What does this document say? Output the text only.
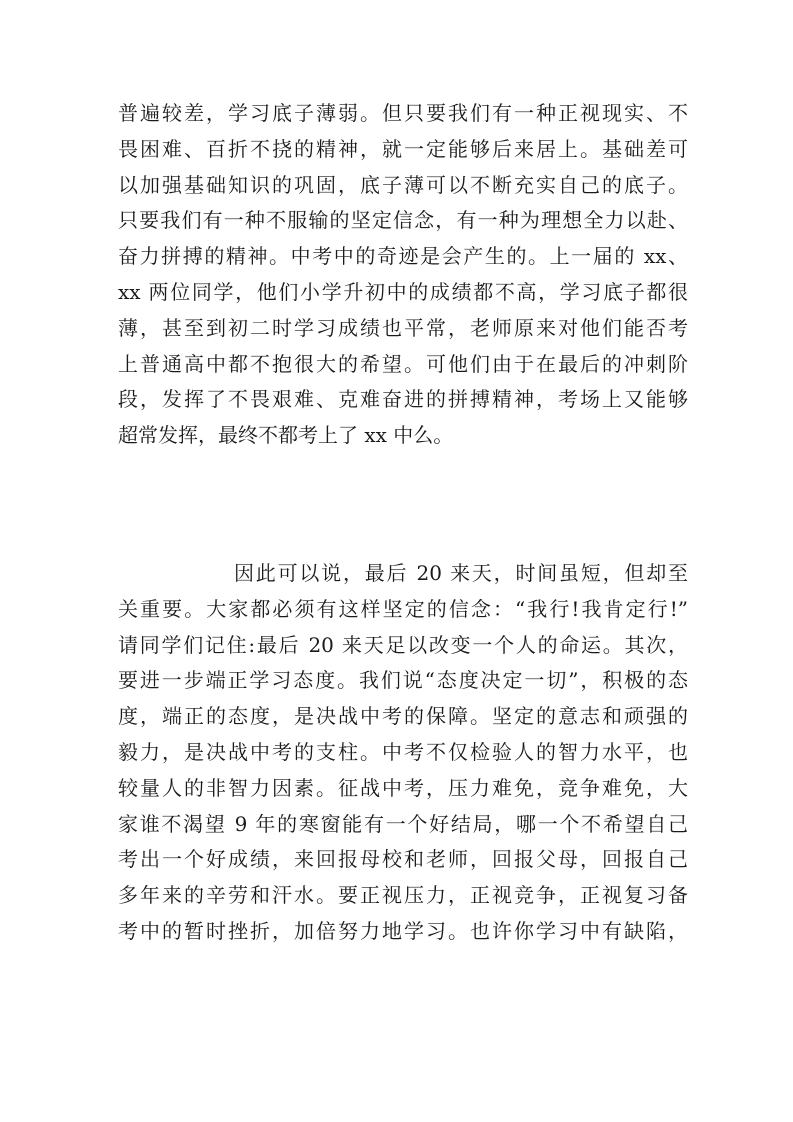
普遍较差，学习底子薄弱。但只要我们有一种正视现实、不
畏困难、百折不挠的精神，就一定能够后来居上。基础差可
以加强基础知识的巩固，底子薄可以不断充实自己的底子。
只要我们有一种不服输的坚定信念，有一种为理想全力以赴、
奋力拼搏的精神。中考中的奇迹是会产生的。上一届的 xx、
xx 两位同学，他们小学升初中的成绩都不高，学习底子都很
薄，甚至到初二时学习成绩也平常，老师原来对他们能否考
上普通高中都不抱很大的希望。可他们由于在最后的冲刺阶
段，发挥了不畏艰难、克难奋进的拼搏精神，考场上又能够
超常发挥，最终不都考上了 xx 中么。

因此可以说，最后 20 来天，时间虽短，但却至
关重要。大家都必须有这样坚定的信念：“我行!我肯定行!”
请同学们记住:最后 20 来天足以改变一个人的命运。其次，
要进一步端正学习态度。我们说“态度决定一切”，积极的态
度，端正的态度，是决战中考的保障。坚定的意志和顽强的
毅力，是决战中考的支柱。中考不仅检验人的智力水平，也
较量人的非智力因素。征战中考，压力难免，竞争难免，大
家谁不渴望 9 年的寒窗能有一个好结局，哪一个不希望自己
考出一个好成绩，来回报母校和老师，回报父母，回报自己
多年来的辛劳和汗水。要正视压力，正视竞争，正视复习备
考中的暂时挫折，加倍努力地学习。也许你学习中有缺陷，
